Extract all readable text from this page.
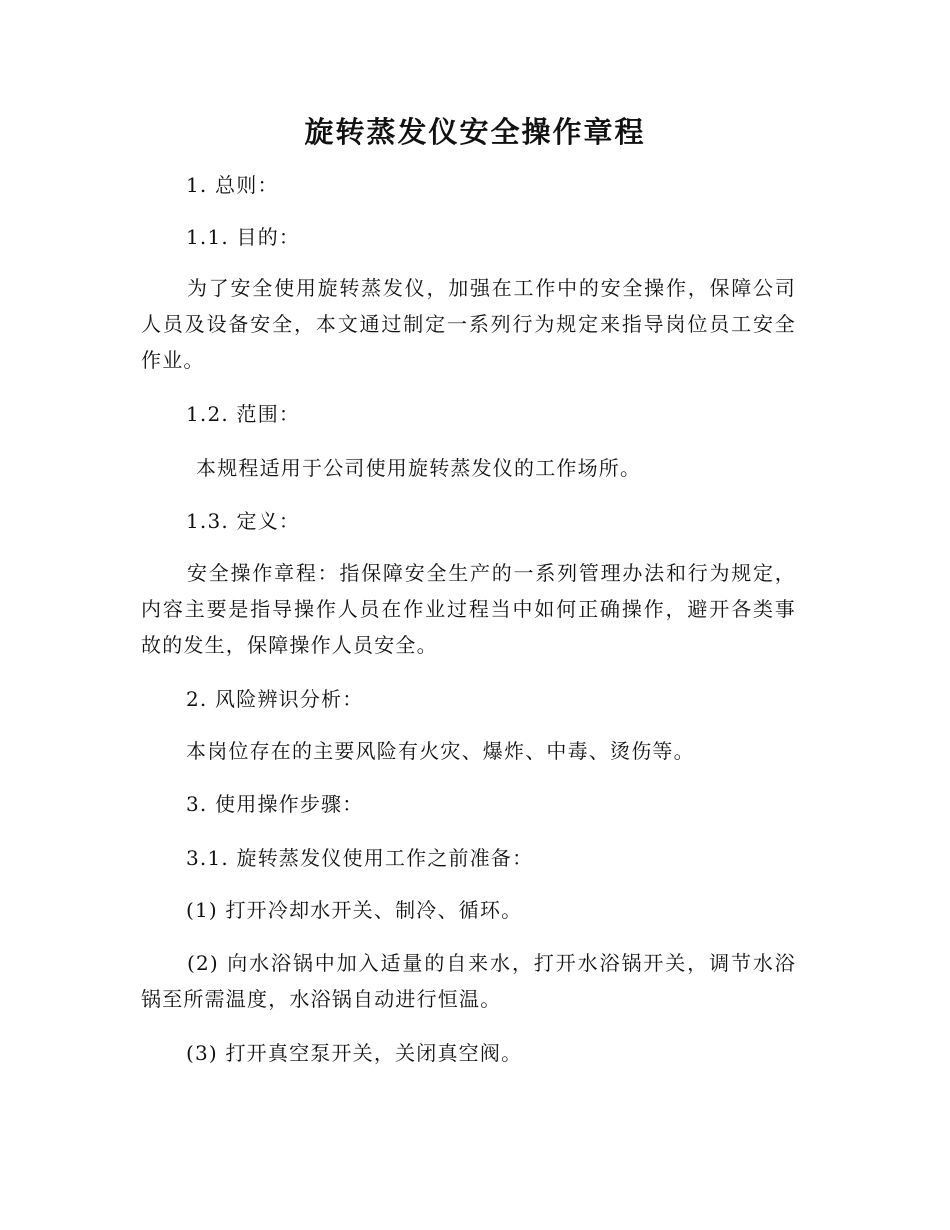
旋转蒸发仪安全操作章程
1. 总则：
1.1. 目的：
为了安全使用旋转蒸发仪，加强在工作中的安全操作，保障公司人员及设备安全，本文通过制定一系列行为规定来指导岗位员工安全作业。
1.2. 范围：
本规程适用于公司使用旋转蒸发仪的工作场所。
1.3. 定义：
安全操作章程：指保障安全生产的一系列管理办法和行为规定，内容主要是指导操作人员在作业过程当中如何正确操作，避开各类事故的发生，保障操作人员安全。
2. 风险辨识分析：
本岗位存在的主要风险有火灾、爆炸、中毒、烫伤等。
3. 使用操作步骤：
3.1. 旋转蒸发仪使用工作之前准备：
(1) 打开冷却水开关、制冷、循环。
(2) 向水浴锅中加入适量的自来水，打开水浴锅开关，调节水浴锅至所需温度，水浴锅自动进行恒温。
(3) 打开真空泵开关，关闭真空阀。
